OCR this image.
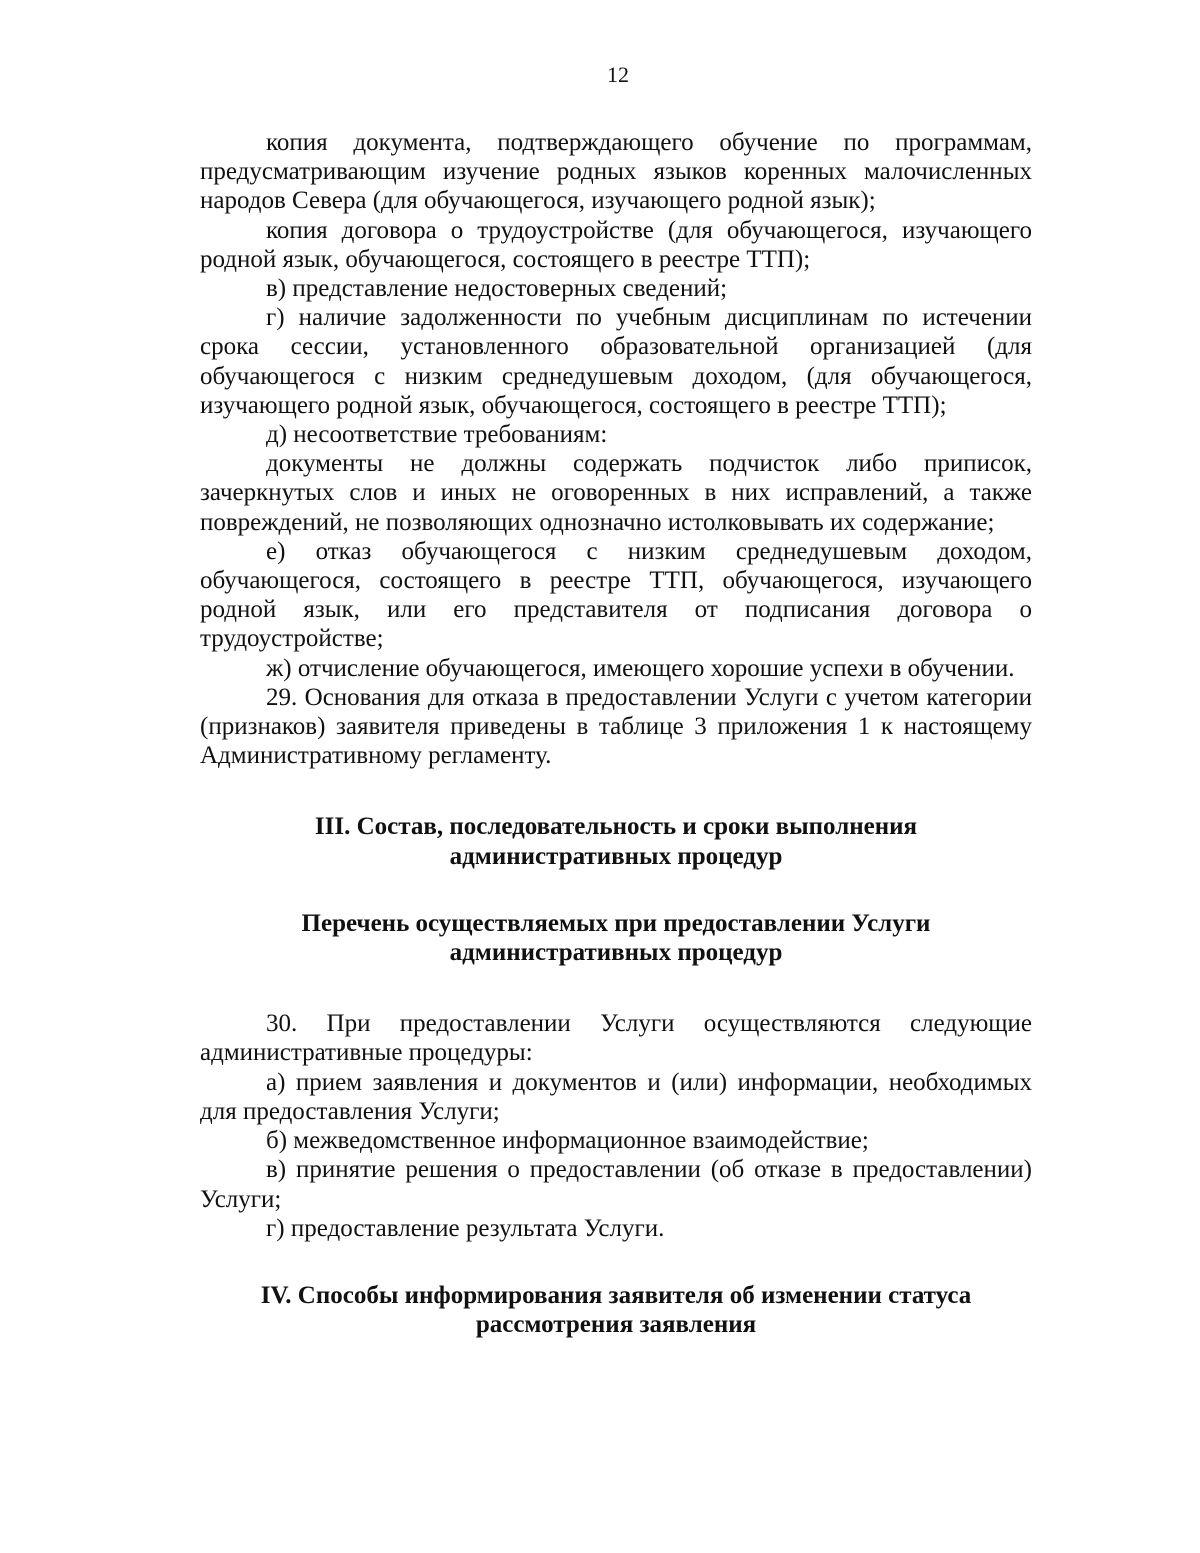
12

копия документа, подтверждающего обучение по программам, предусматривающим изучение родных языков коренных малочисленных народов Севера (для обучающегося, изучающего родной язык);

копия договора о трудоустройстве (для обучающегося, изучающего родной язык, обучающегося, состоящего в реестре ТТП);

в) представление недостоверных сведений;

г) наличие задолженности по учебным дисциплинам по истечении срока сессии, установленного образовательной организацией (для обучающегося с низким среднедушевым доходом, (для обучающегося, изучающего родной язык, обучающегося, состоящего в реестре ТТП);

д) несоответствие требованиям:

документы не должны содержать подчисток либо приписок, зачеркнутых слов и иных не оговоренных в них исправлений, а также повреждений, не позволяющих однозначно истолковывать их содержание;

е) отказ обучающегося с низким среднедушевым доходом, обучающегося, состоящего в реестре ТТП, обучающегося, изучающего родной язык, или его представителя от подписания договора о трудоустройстве;

ж) отчисление обучающегося, имеющего хорошие успехи в обучении.

29. Основания для отказа в предоставлении Услуги с учетом категории (признаков) заявителя приведены в таблице 3 приложения 1 к настоящему Административному регламенту.

III. Состав, последовательность и сроки выполнения
административных процедур
Перечень осуществляемых при предоставлении Услуги
административных процедур

30. При предоставлении Услуги осуществляются следующие административные процедуры:

а) прием заявления и документов и (или) информации, необходимых для предоставления Услуги;

б) межведомственное информационное взаимодействие;

в) принятие решения о предоставлении (об отказе в предоставлении) Услуги;

г) предоставление результата Услуги.

IV. Способы информирования заявителя об изменении статуса
рассмотрения заявления
